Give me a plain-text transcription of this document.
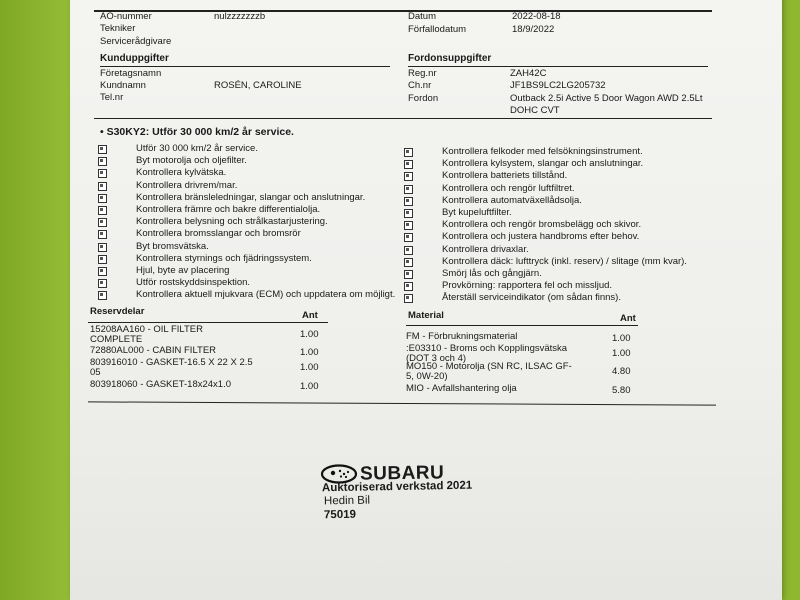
AO-nummer	nulzzzzzzzb
Tekniker
Servicerådgivare
Datum	2022-08-18
Förfallodatum	18/9/2022
Kunduppgifter	Fordonsuppgifter
Företagsnamn
Kundnamn	ROSÉN, CAROLINE
Tel.nr
Reg.nr	ZAH42C
Ch.nr	JF1BS9LC2LG205732
Fordon	Outback 2.5i Active 5 Door Wagon AWD 2.5Lt
DOHC CVT
• S30KY2: Utför 30 000 km/2 år service.
Utför 30 000 km/2 år service.
Byt motorolja och oljefilter.
Kontrollera kylvätska.
Kontrollera drivrem/mar.
Kontrollera bränsleledningar, slangar och anslutningar.
Kontrollera främre och bakre differentialolja.
Kontrollera belysning och strålkastarjustering.
Kontrollera bromsslangar och bromsrör
Byt bromsvätska.
Kontrollera styrnings och fjädringssystem.
Hjul, byte av placering
Utför rostskyddsinspektion.
Kontrollera aktuell mjukvara (ECM) och uppdatera om möjligt.
Kontrollera felkoder med felsökningsinstrument.
Kontrollera kylsystem, slangar och anslutningar.
Kontrollera batteriets tillstånd.
Kontrollera och rengör luftfiltret.
Kontrollera automatväxellådsolja.
Byt kupeluftfilter.
Kontrollera och rengör bromsbelägg och skivor.
Kontrollera och justera handbroms efter behov.
Kontrollera drivaxlar.
Kontrollera däck: lufttryck (inkl. reserv) / slitage (mm kvar).
Smörj lås och gångjärn.
Provkörning: rapportera fel och missljud.
Återställ serviceindikator (om sådan finns).
Reservdelar	Ant	Material	Ant
15208AA160 - OIL FILTER
COMPLETE	1.00
72880AL000 - CABIN FILTER	1.00
803916010 - GASKET-16.5 X 22 X 2.5
05	1.00
803918060 - GASKET-18x24x1.0	1.00
FM - Förbrukningsmaterial	1.00
:E03310 - Broms och Kopplingsvätska
(DOT 3 och 4)	1.00
MO150 - Motorolja (SN RC, ILSAC GF-
5, 0W-20)	4.80
MIO - Avfallshantering olja	5.80
SUBARU
Auktoriserad verkstad 2021
Hedin Bil
75019
